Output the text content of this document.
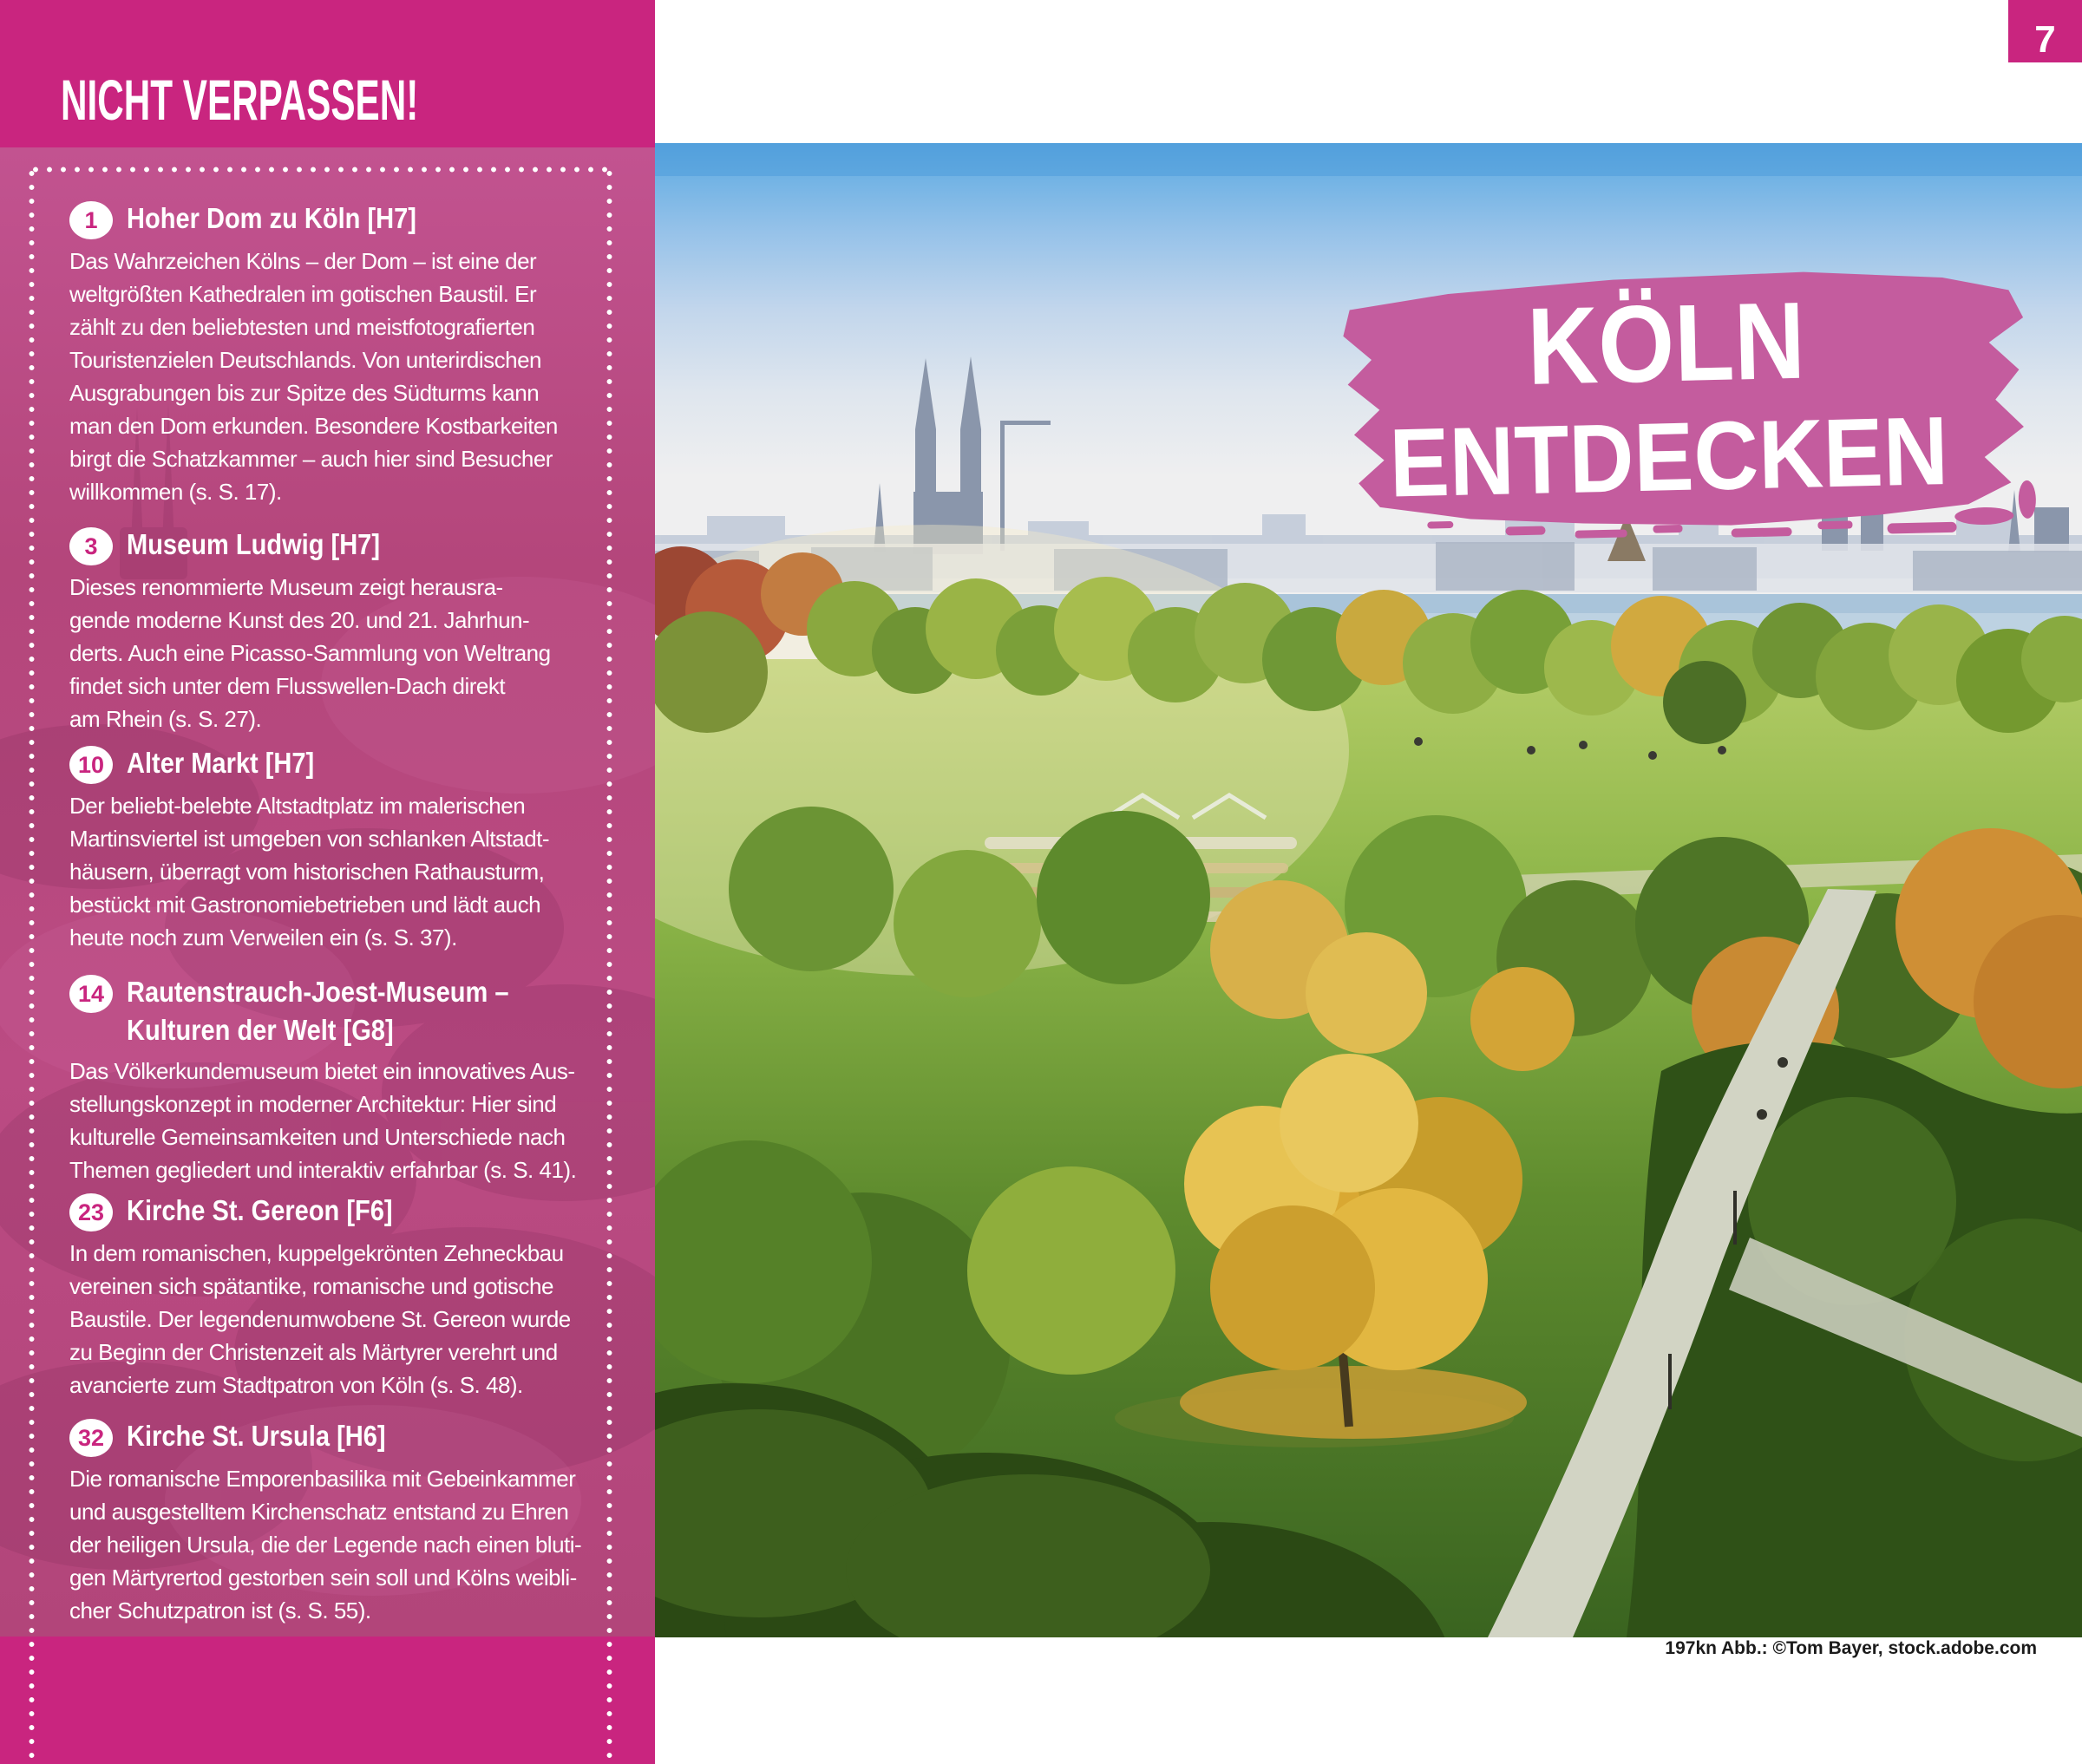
NICHT VERPASSEN!
1	Hoher Dom zu Köln [H7]

Das Wahrzeichen Kölns – der Dom – ist eine der
weltgrößten Kathedralen im gotischen Baustil. Er
zählt zu den beliebtesten und meistfotografierten
Touristenzielen Deutschlands. Von unterirdischen
Ausgrabungen bis zur Spitze des Südturms kann
man den Dom erkunden. Besondere Kostbarkeiten
birgt die Schatzkammer – auch hier sind Besucher
willkommen (s. S. 17).

3	Museum Ludwig [H7]

Dieses renommierte Museum zeigt herausra-
gende moderne Kunst des 20. und 21. Jahrhun-
derts. Auch eine Picasso-Sammlung von Weltrang
findet sich unter dem Flusswellen-Dach direkt
am Rhein (s. S. 27).

10 Alter Markt [H7]

Der beliebt-belebte Altstadtplatz im malerischen
Martinsviertel ist umgeben von schlanken Altstadt-
häusern, überragt vom historischen Rathausturm,
bestückt mit Gastronomiebetrieben und lädt auch
heute noch zum Verweilen ein (s. S. 37).

14 Rautenstrauch-Joest-Museum –
Kulturen der Welt [G8]

Das Völkerkundemuseum bietet ein innovatives Aus-
stellungskonzept in moderner Architektur: Hier sind
kulturelle Gemeinsamkeiten und Unterschiede nach
Themen gegliedert und interaktiv erfahrbar (s. S. 41).

23 Kirche St. Gereon [F6]

In dem romanischen, kuppelgekrönten Zehneckbau
vereinen sich spätantike, romanische und gotische
Baustile. Der legendenumwobene St. Gereon wurde
zu Beginn der Christenzeit als Märtyrer verehrt und
avancierte zum Stadtpatron von Köln (s. S. 48).

32 Kirche St. Ursula [H6]

Die romanische Emporenbasilika mit Gebeinkammer
und ausgestelltem Kirchenschatz entstand zu Ehren
der heiligen Ursula, die der Legende nach einen bluti-
gen Märtyrertod gestorben sein soll und Kölns weibli-
cher Schutzpatron ist (s. S. 55).

KÖLN
ENTDECKEN
7

197kn Abb.: ©Tom Bayer, stock.adobe.com
